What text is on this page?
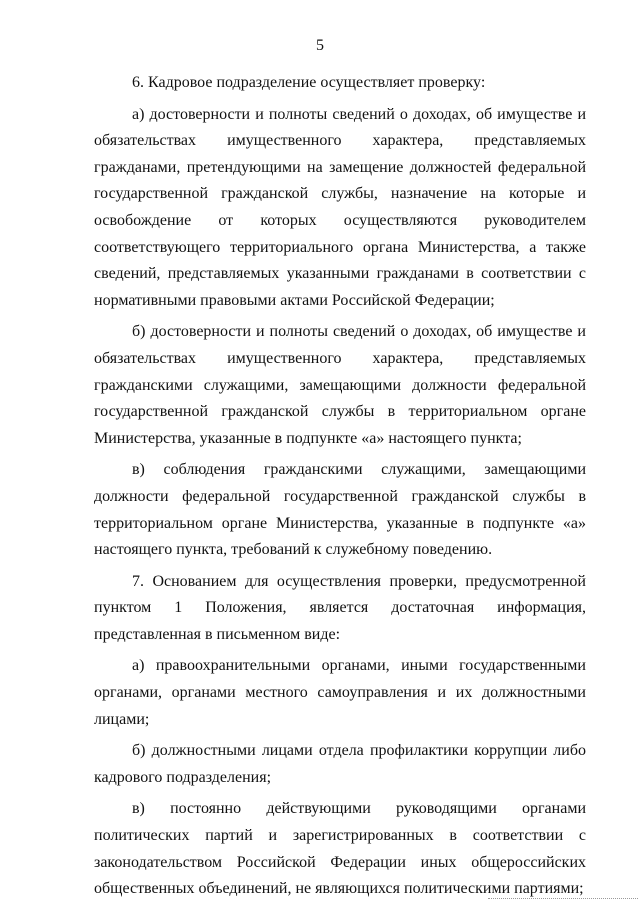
5

6. Кадровое подразделение осуществляет проверку:

а) достоверности и полноты сведений о доходах, об имуществе и обязательствах имущественного характера, представляемых гражданами, претендующими на замещение должностей федеральной государственной гражданской службы, назначение на которые и освобождение от которых осуществляются руководителем соответствующего территориального органа Министерства, а также сведений, представляемых указанными гражданами в соответствии с нормативными правовыми актами Российской Федерации;

б) достоверности и полноты сведений о доходах, об имуществе и обязательствах имущественного характера, представляемых гражданскими служащими, замещающими должности федеральной государственной гражданской службы в территориальном органе Министерства, указанные в подпункте «а» настоящего пункта;

в) соблюдения гражданскими служащими, замещающими должности федеральной государственной гражданской службы в территориальном органе Министерства, указанные в подпункте «а» настоящего пункта, требований к служебному поведению.

7. Основанием для осуществления проверки, предусмотренной пунктом 1 Положения, является достаточная информация, представленная в письменном виде:

а) правоохранительными органами, иными государственными органами, органами местного самоуправления и их должностными лицами;

б) должностными лицами отдела профилактики коррупции либо кадрового подразделения;

в) постоянно действующими руководящими органами политических партий и зарегистрированных в соответствии с законодательством Российской Федерации иных общероссийских общественных объединений, не являющихся политическими партиями;
